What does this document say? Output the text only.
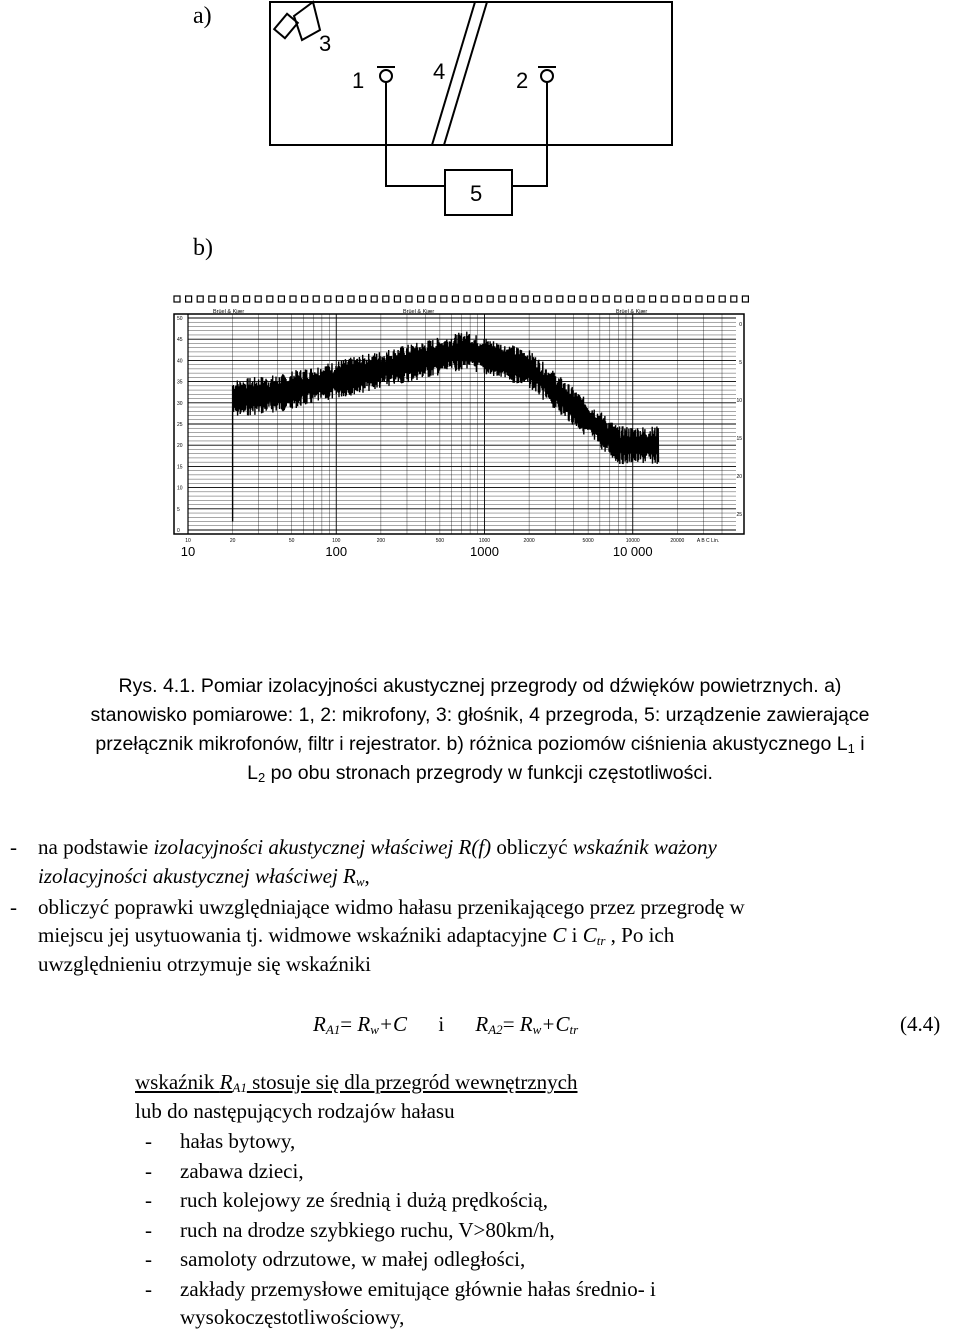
a)
3
1	4	2
5
b)
Brüel & Kjær	Brüel & Kjær	Brüel & Kjær
50
45
40
35
30
25
20
15
10
5
0
0
5
10
15
20
25
10	20	50	100	200	500	1000	2000	5000	10000	20000	A B C Lin.
10	100	1000	10 000
Rys. 4.1. Pomiar izolacyjności akustycznej przegrody od dźwięków powietrznych. a)
stanowisko pomiarowe: 1, 2: mikrofony, 3: głośnik, 4 przegroda, 5: urządzenie zawierające
przełącznik mikrofonów, filtr i rejestrator. b) różnica poziomów ciśnienia akustycznego $L_1$ i
$L_2$ po obu stronach przegrody w funkcji częstotliwości.
- na podstawie izolacyjności akustycznej właściwej R(f) obliczyć wskaźnik ważony
izolacyjności akustycznej właściwej $R_w$,
- obliczyć poprawki uwzględniające widmo hałasu przenikającego przez przegrodę w
miejscu jej usytuowania tj. widmowe wskaźniki adaptacyjne C i $C_{tr}$ , Po ich
uwzględnieniu otrzymuje się wskaźniki
$R_{A1}= R_w+C$ i $R_{A2}= R_w+C_{tr}$	(4.4)
wskaźnik $R_{A1}$ stosuje się dla przegród wewnętrznych
lub do następujących rodzajów hałasu
- hałas bytowy,
- zabawa dzieci,
- ruch kolejowy ze średnią i dużą prędkością,
- ruch na drodze szybkiego ruchu, V>80km/h,
- samoloty odrzutowe, w małej odległości,
- zakłady przemysłowe emitujące głównie hałas średnio- i
wysokoczęstotliwościowy,
